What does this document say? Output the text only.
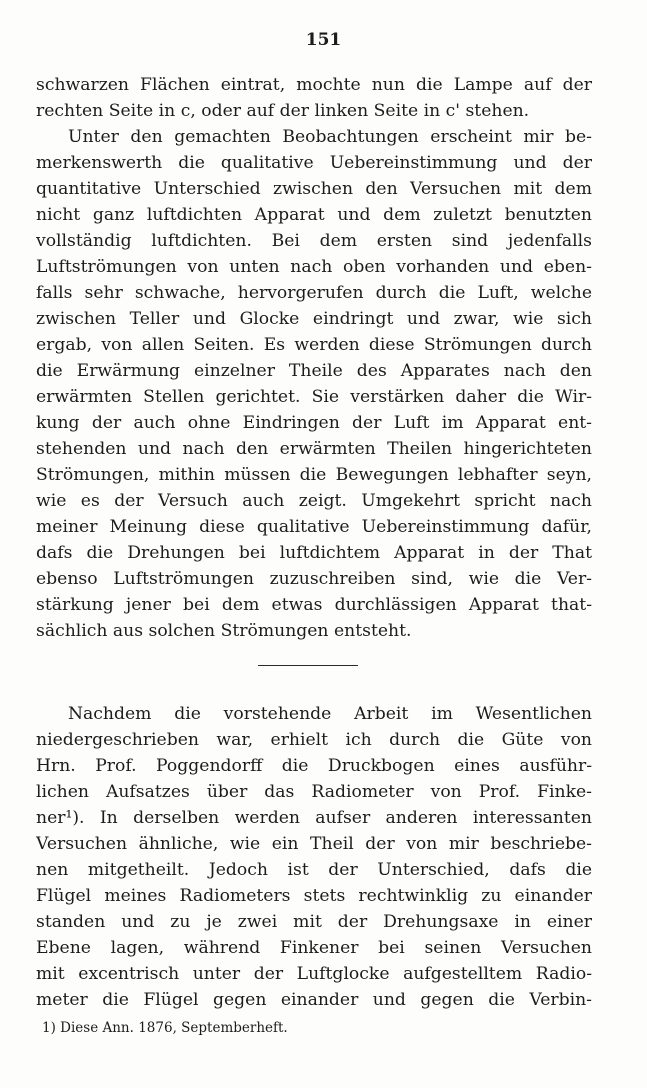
151
schwarzen Flächen eintrat, mochte nun die Lampe auf der
rechten Seite in c, oder auf der linken Seite in c' stehen.
Unter den gemachten Beobachtungen erscheint mir be-
merkenswerth die qualitative Uebereinstimmung und der
quantitative Unterschied zwischen den Versuchen mit dem
nicht ganz luftdichten Apparat und dem zuletzt benutzten
vollständig luftdichten. Bei dem ersten sind jedenfalls
Luftströmungen von unten nach oben vorhanden und eben-
falls sehr schwache, hervorgerufen durch die Luft, welche
zwischen Teller und Glocke eindringt und zwar, wie sich
ergab, von allen Seiten. Es werden diese Strömungen durch
die Erwärmung einzelner Theile des Apparates nach den
erwärmten Stellen gerichtet. Sie verstärken daher die Wir-
kung der auch ohne Eindringen der Luft im Apparat ent-
stehenden und nach den erwärmten Theilen hingerichteten
Strömungen, mithin müssen die Bewegungen lebhafter seyn,
wie es der Versuch auch zeigt. Umgekehrt spricht nach
meiner Meinung diese qualitative Uebereinstimmung dafür,
dafs die Drehungen bei luftdichtem Apparat in der That
ebenso Luftströmungen zuzuschreiben sind, wie die Ver-
stärkung jener bei dem etwas durchlässigen Apparat that-
sächlich aus solchen Strömungen entsteht.
Nachdem die vorstehende Arbeit im Wesentlichen
niedergeschrieben war, erhielt ich durch die Güte von
Hrn. Prof. Poggendorff die Druckbogen eines ausführ-
lichen Aufsatzes über das Radiometer von Prof. Finke-
ner¹). In derselben werden aufser anderen interessanten
Versuchen ähnliche, wie ein Theil der von mir beschriebe-
nen mitgetheilt. Jedoch ist der Unterschied, dafs die
Flügel meines Radiometers stets rechtwinklig zu einander
standen und zu je zwei mit der Drehungsaxe in einer
Ebene lagen, während Finkener bei seinen Versuchen
mit excentrisch unter der Luftglocke aufgestelltem Radio-
meter die Flügel gegen einander und gegen die Verbin-
1) Diese Ann. 1876, Septemberheft.
